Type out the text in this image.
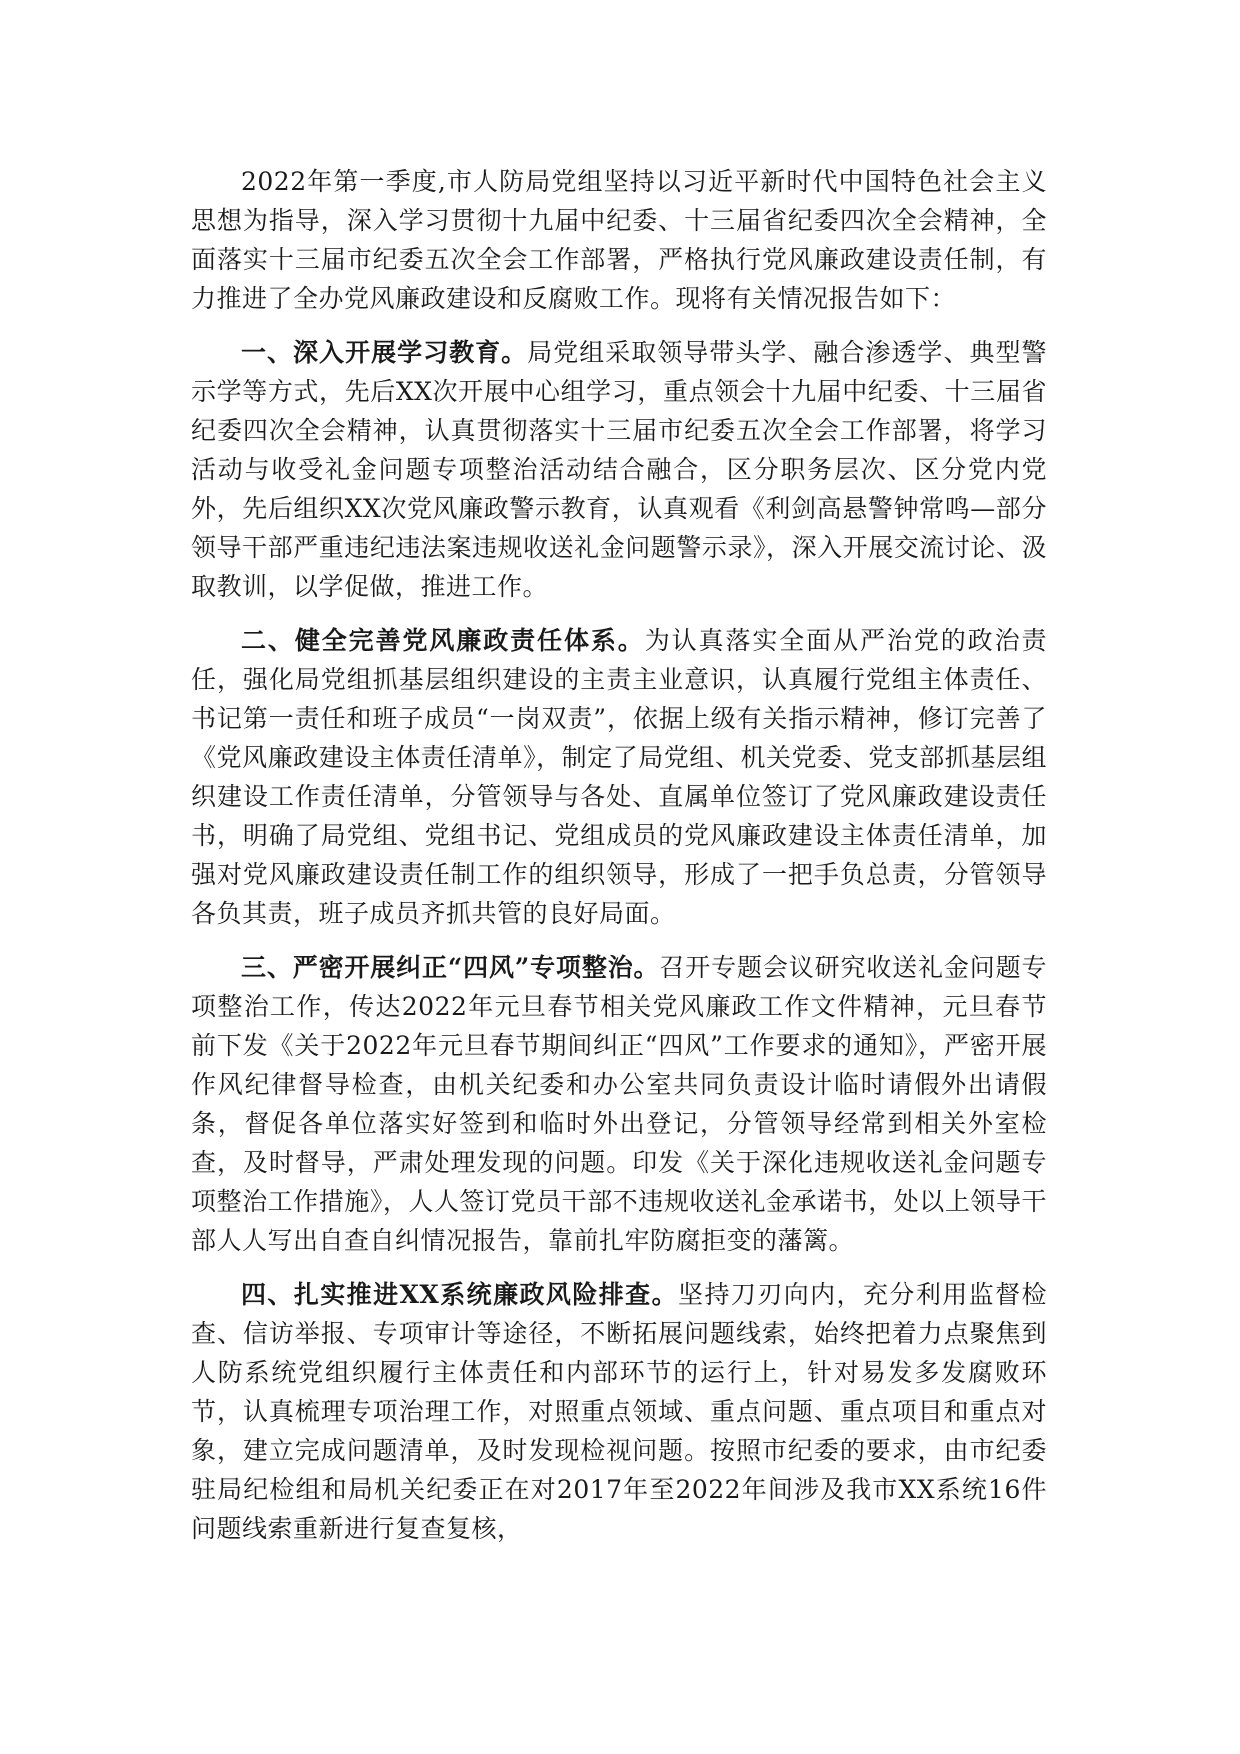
2022年第一季度,市人防局党组坚持以习近平新时代中国特色社会主义思想为指导，深入学习贯彻十九届中纪委、十三届省纪委四次全会精神，全面落实十三届市纪委五次全会工作部署，严格执行党风廉政建设责任制，有力推进了全办党风廉政建设和反腐败工作。现将有关情况报告如下：

一、深入开展学习教育。局党组采取领导带头学、融合渗透学、典型警示学等方式，先后XX次开展中心组学习，重点领会十九届中纪委、十三届省纪委四次全会精神，认真贯彻落实十三届市纪委五次全会工作部署，将学习活动与收受礼金问题专项整治活动结合融合，区分职务层次、区分党内党外，先后组织XX次党风廉政警示教育，认真观看《利剑高悬警钟常鸣—部分领导干部严重违纪违法案违规收送礼金问题警示录》，深入开展交流讨论、汲取教训，以学促做，推进工作。

二、健全完善党风廉政责任体系。为认真落实全面从严治党的政治责任，强化局党组抓基层组织建设的主责主业意识，认真履行党组主体责任、书记第一责任和班子成员“一岗双责”，依据上级有关指示精神，修订完善了《党风廉政建设主体责任清单》，制定了局党组、机关党委、党支部抓基层组织建设工作责任清单，分管领导与各处、直属单位签订了党风廉政建设责任书，明确了局党组、党组书记、党组成员的党风廉政建设主体责任清单，加强对党风廉政建设责任制工作的组织领导，形成了一把手负总责，分管领导各负其责，班子成员齐抓共管的良好局面。

三、严密开展纠正“四风”专项整治。召开专题会议研究收送礼金问题专项整治工作，传达2022年元旦春节相关党风廉政工作文件精神，元旦春节前下发《关于2022年元旦春节期间纠正“四风”工作要求的通知》，严密开展作风纪律督导检查，由机关纪委和办公室共同负责设计临时请假外出请假条，督促各单位落实好签到和临时外出登记，分管领导经常到相关外室检查，及时督导，严肃处理发现的问题。印发《关于深化违规收送礼金问题专项整治工作措施》，人人签订党员干部不违规收送礼金承诺书，处以上领导干部人人写出自查自纠情况报告，靠前扎牢防腐拒变的藩篱。

四、扎实推进XX系统廉政风险排查。坚持刀刃向内，充分利用监督检查、信访举报、专项审计等途径，不断拓展问题线索，始终把着力点聚焦到人防系统党组织履行主体责任和内部环节的运行上，针对易发多发腐败环节，认真梳理专项治理工作，对照重点领域、重点问题、重点项目和重点对象，建立完成问题清单，及时发现检视问题。按照市纪委的要求，由市纪委驻局纪检组和局机关纪委正在对2017年至2022年间涉及我市XX系统16件问题线索重新进行复查复核，
